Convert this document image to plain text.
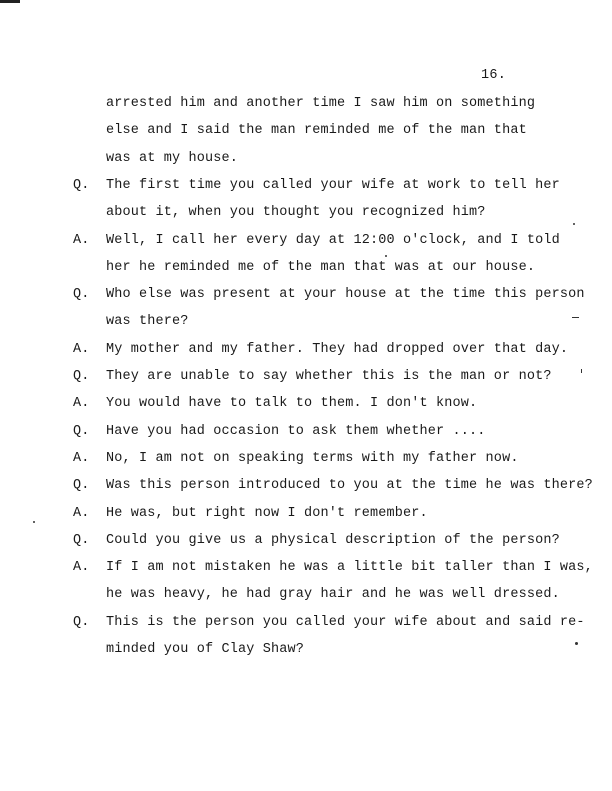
16.
arrested him and another time I saw him on something
else and I said the man reminded me of the man that
was at my house.
Q. The first time you called your wife at work to tell her
about it, when you thought you recognized him?
A. Well, I call her every day at 12:00 o'clock, and I told
her he reminded me of the man that was at our house.
Q. Who else was present at your house at the time this person
was there?
A. My mother and my father. They had dropped over that day.
Q. They are unable to say whether this is the man or not?
A. You would have to talk to them. I don't know.
Q. Have you had occasion to ask them whether ....
A. No, I am not on speaking terms with my father now.
Q. Was this person introduced to you at the time he was there?
A. He was, but right now I don't remember.
Q. Could you give us a physical description of the person?
A. If I am not mistaken he was a little bit taller than I was,
he was heavy, he had gray hair and he was well dressed.
Q. This is the person you called your wife about and said re-
minded you of Clay Shaw?
